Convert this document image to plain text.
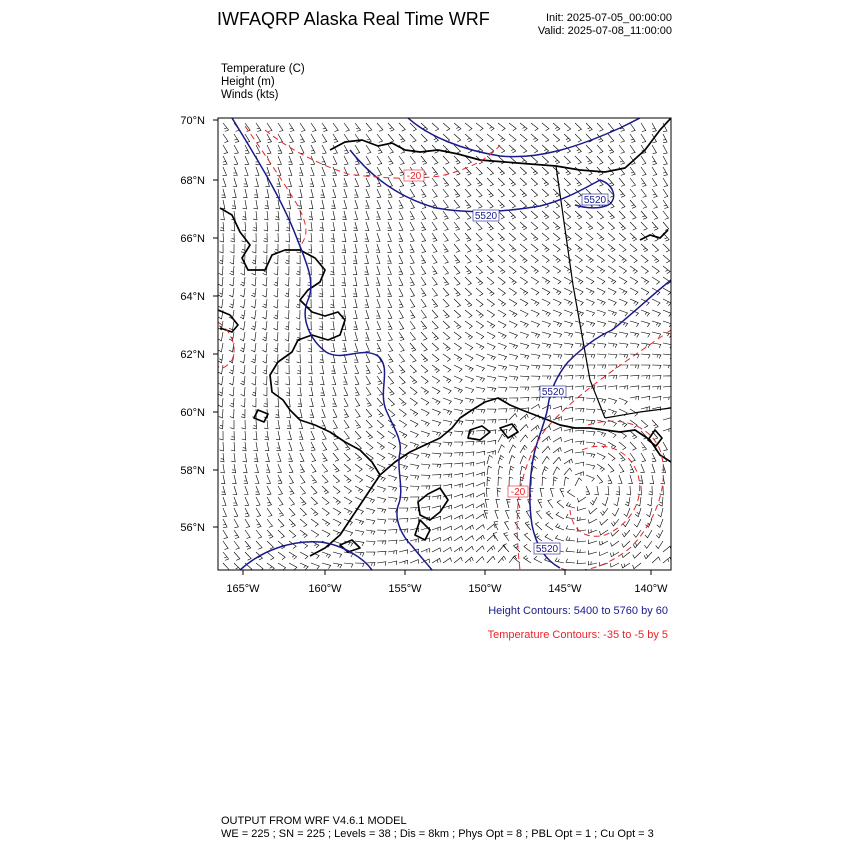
IWFAQRP Alaska Real Time WRF	Init: 2025-07-05_00:00:00
Valid: 2025-07-08_11:00:00
Temperature (C)
Height (m)
Winds (kts)
5520
5520
5520
5520
-20
-20
70°N
68°N
66°N
64°N
62°N
60°N
58°N
56°N
165°W	160°W	155°W	150°W	145°W	140°W
Height Contours: 5400 to 5760 by 60
Temperature Contours: -35 to -5 by 5
OUTPUT FROM WRF V4.6.1 MODEL
WE = 225 ; SN = 225 ; Levels = 38 ; Dis = 8km ; Phys Opt = 8 ; PBL Opt = 1 ; Cu Opt = 3
